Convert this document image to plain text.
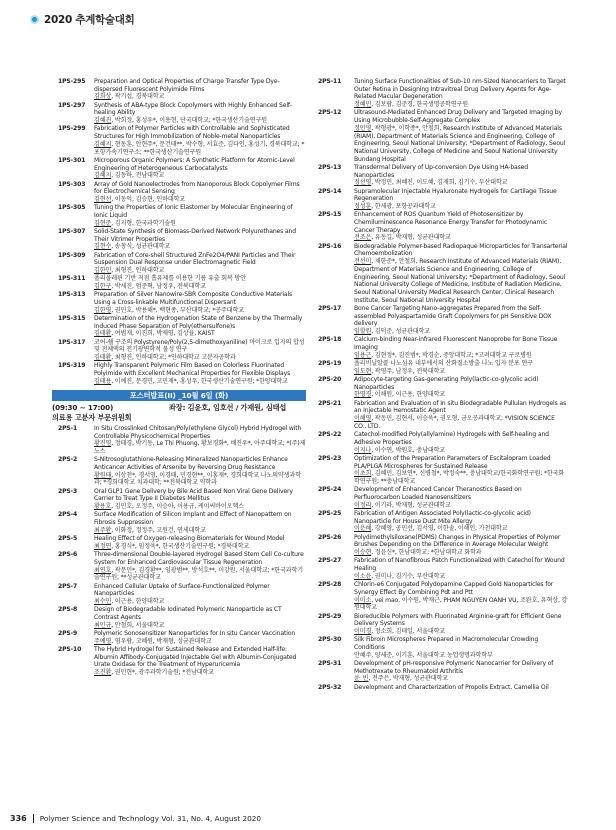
2020 추계학술대회
1PS-295	Preparation and Optical Properties of Charge Transfer Type Dye-dispersed Fluorescent Polyimide Films
김희상, 곽기섭, 경북대학교
1PS-297	Synthesis of ABA-type Block Copolymers with Highly Enhanced Self-healing Ability
김혜진, 박희정, 홍성우*, 이용현, 단국대학교; *한국생산기술연구원
1PS-299	Fabrication of Polymer Particles with Controllable and Sophisticated Structures for High Immobilization of Noble-metal Nanoparticles
김혜지, 현동훈, 안현주*, 문건태**, 박수형, 서효준, 김다인, 홍성기, 경북대학교; *포항가속기연구소; **한국생산기술연구원
1PS-301	Microporous Organic Polymers: A Synthetic Platform for Atomic-Level Engineering of Heterogeneous Carbocatalysts
김혜지, 김동하, 전남대학교
1PS-303	Array of Gold Nanoelectrodes from Nanoporous Block Copolymer Films for Electrochemical Sensing
김현선, 이동익, 김승현, 인하대학교
1PS-305	Tuning the Properties of Ionic Elastomer by Molecular Engineering of Ionic Liquid
김현준, 김지형, 한국과학기술원
1PS-307	Solid-State Synthesis of Biomass-Derived Network Polyurethanes and Their Vitrimer Properties
김현수, 송창식, 성균관대학교
1PS-309	Fabrication of Core-shell Structured ZnFe2O4/PANI Particles and Their Suspension Dual Response under Electromagnetic Field
김한민, 최형진, 인하대학교
1PS-311	폴리올레핀 기반 저점 흡유제를 이용한 기름 유출 회복 방안
김한구, 박세진, 엄준혁, 남정우, 전북대학교
1PS-313	Preparation of Silver Nanowire-SBR Composite Conductive Materials Using a Cross-linkable Multifunctional Dispersant
김한영, 권민호, 박용해*, 백현종, 부산대학교; *공주대학교
1PS-315	Determination of the Hydrogenation State of Benzene by the Thermally Induced Phase Separation of Poly(ethersulfone)s
김태환, 여범재, 이진희, 박제영, 김상율, KAIST
1PS-317	코어-쉘 구조의 Polystyrene/Poly(2,5-dimethoxyaniline) 마이크로 입자의 합성 및 전체액의 전기광변학적 물성 연구
김태환, 최형진, 인하대학교; *인하대학교 고분자공학과
1PS-319	Highly Transparent Polymeric Film Based on Colorless Fluorinated Polyimide with Excellent Mechanical Properties for Flexible Displays
김태용, 이예진, 문경민, 고민재*, 홍성우, 한국생산기술연구원; *한양대학교
포스터발표(II) _10월 6일 (화)
(09:30 ~ 17:00)	좌장: 김윤호, 임호선 / 가재원, 심태섭
의료용 고분자 부문위원회
2PS-1	In Situ Crosslinked Chitosan/Poly(ethylene Glycol) Hybrid Hydrogel with Controllable Physicochemical Properties
황진영, 정태경, 박기동, Le Thi Phuong, 황보경화*, 배진우*, 아주대학교; *(주)제노스
2PS-2	S-Nitrosoglutathione-Releasing Mineralized Nanoparticles Enhance Anticancer Activities of Arsenite by Reversing Drug Resistance
황원태, 이상천*, 경서영, 이경태, 민경현**, 이홍재*, 경희대학교 나노의약생과학과; *경희대학교 치과대학; **전북대학교 약학과
2PS-3	Oral GLP1 Gene Delivery by Bile Acid Based Non Viral Gene Delivery Carrier to Treat Type II Diabetes Mellitus
황용호, 김민호, 오정주, 이승아, 이용규, 케이씨바이오헥스
2PS-4	Surface Modification of Silicon Implant and Effect of Nanopattern on Fibrosis Suppression
최주환, 이화정, 정정주, 고원건, 연세대학교
2PS-5	Healing Effect of Oxygen-releasing Biomaterials for Wound Model
최정연, 홍경식*, 임정욱*, 한국생산기술연구원; *경북대학교
2PS-6	Three-dimensional Double-layered Hydrogel Based Stem Cell Co-culture System for Enhanced Cardiovascular Tissue Regeneration
최연호, 곽문민*, 김경환**, 임광범**, 방석호**, 이강원, 서울대학교; *한국과학기술연구원; **성균관대학교
2PS-7	Enhanced Cellular Uptake of Surface-Functionalized Polymer Nanoparticles
최수민, 이근용, 한양대학교
2PS-8	Design of Biodegradable Iodinated Polymeric Nanoparticle as CT Contrast Agents
최민규, 안철희, 서울대학교
2PS-9	Polymeric Sonosensitizer Nanoparticles for In situ Cancer Vaccination
주예영, 염우람, 고혜원, 박재형, 성균관대학교
2PS-10	The Hybrid Hydrogel for Sustained Release and Extended Half-life: Albumin Affibody-Conjugated Injectable Gel with Albumin-Conjugated Urate Oxidase for the Treatment of Hyperuricemia
조진환, 권민현*, 광주과학기술원; *전남대학교
2PS-11	Tuning Surface Functionalities of Sub-10 nm-Sized Nanocarriers to Target Outer Retina in Designing Intravitreal Drug Delivery Agents for Age-Related Macular Degeneration
정혜민, 김보람, 김준경, 한국생명공학연구원
2PS-12	Ultrasound-Mediated Enhanced Drug Delivery and Targeted Imaging by Using Microbubble-Self-Aggregate Complex
정민영, 곽형광*, 이학종*, 안철희, Research Institute of Advanced Materials (RIAM), Department of Materials Science and Engineering, College of Engineering, Seoul National University; *Department of Radiology, Seoul National University, College of Medicine and Seoul National University Bundang Hospital
2PS-13	Transdermal Delivery of Up-conversion Dye Using HA-based Nanoparticles
정선영, 박정민, 최혜진, 이도혜, 김재희, 김기수, 부산대학교
2PS-14	Supramolecular Injectable Hyaluronate Hydrogels for Cartilage Tissue Regeneration
정성훈, 한세광, 포항공과대학교
2PS-15	Enhancement of ROS Quantum Yield of Photosensitizer by Chemiluminescence Resonance Energy Transfer for Photodynamic Cancer Therapy
전조은, 유동길, 박재형, 성균관대학교
2PS-16	Biodegradable Polymer-based Radiopaque Microparticles for Transarterial Chemoembolization
전선미, 채한준*, 안철희, Research Institute of Advanced Materials (RIAM), Department of Materials Science and Engineering, College of Engineering, Seoul National University; *Department of Radiology, Seoul National University College of Medicine, Institute of Radiation Medicine, Seoul National University Medical Research Center, Clinical Research Institute, Seoul National University Hospital
2PS-17	Bone Cancer Targeting Nano-aggregates Prepared from the Self-assembled Polyaspartamide Graft Copolymers for pH Sensitive DOX delivery
임할원, 김덕준, 성균관대학교
2PS-18	Calcium-binding Near-infrared Fluorescent Nanoprobe for Bone Tissue Imaging
임용근, 김현정*, 김진범*, 박경순, 중앙대학교; *고려대학교 구로병원
2PS-19	폴리비닐알콜 나노섬유 내부에서의 산화질소방출 나노 입자 분포 연구
임도현, 곽영주, 남정우, 전북대학교
2PS-20	Adipocyte-targeting Gas-generating Poly(lactic-co-glycolic acid) Nanoparticles
한영경, 이해원, 이근용, 한양대학교
2PS-21	Fabrication and Evaluation of In situ Biodegradable Pullulan Hydrogels as an Injectable Hemostatic Agent
이해영, 곽동민, 김현서, 이승욱*, 권오형, 금오공과대학교; *VISION SCIENCE CO., LTD.
2PS-22	Catechol-modified Poly(allylamine) Hydrogels with Self-healing and Adhesive Properties
이지나, 이수연, 박원호, 충남대학교
2PS-23	Optimization of the Preparation Parameters of Escitalopram Loaded PLA/PLGA Microspheres for Sustained Release
이초희, 김혜민, 김보연*, 신병철*, 박정숙**, 충남대학교/한국화학연구원; *한국화학연구원; **충남대학교
2PS-24	Development of Enhanced Cancer Theranostics Based on Perfluorocarbon Loaded Nanosensitizers
이정리, 이기라, 박재형, 성균관대학교
2PS-25	Fabrication of Antigen Associated Poly(lactic-co-glycolic acid) Nanoparticle for House Dust Mite Allergy
이운혜, 강혜영, 공민선, 김서영, 이한솔, 이해인, 가천대학교
2PS-26	Polydimethylsiloxane(PDMS) Changes in Physical Properties of Polymer Brushes Depending on the Difference in Average Molecular Weight
이승현, 정윤신*, 한남대학교; *한남대학교 화학과
2PS-27	Fabrication of Nanofibrous Patch Functionalized with Catechol for Wound Healing
이소윤, 권미나, 김기수, 부산대학교
2PS-28	Chlorin-e6 Conjugated Polydopamine Capped Gold Nanoparticles for Synergy Effect By Combining Pdt and Ptt
이미소, vei mao, 이수원, 박재근, PHAM NGUYEN OANH VU, 조완호, 유혁상, 강원대학교
2PS-29	Bioreducible Polymers with Fluorinated Arginine-graft for Efficient Gene Delivery Systems
이미경, 정소희, 김태일, 서울대학교
2PS-30	Silk Fibroin Microspheres Prepared in Macromolecular Crowding Conditions
안혜주, 양세준, 이기훈, 서울대학교 농업생명과학학부
2PS-31	Development of pH-responsive Polymeric Nanocarrier for Delivery of Methotrexate to Rheumatoid Arthritis
윤_빈, 전주은, 박재형, 성균관대학교
2PS-32	Development and Characterization of Propolis Extract, Camellia Oil
336 Polymer Science and Technology Vol. 31, No. 4, August 2020
